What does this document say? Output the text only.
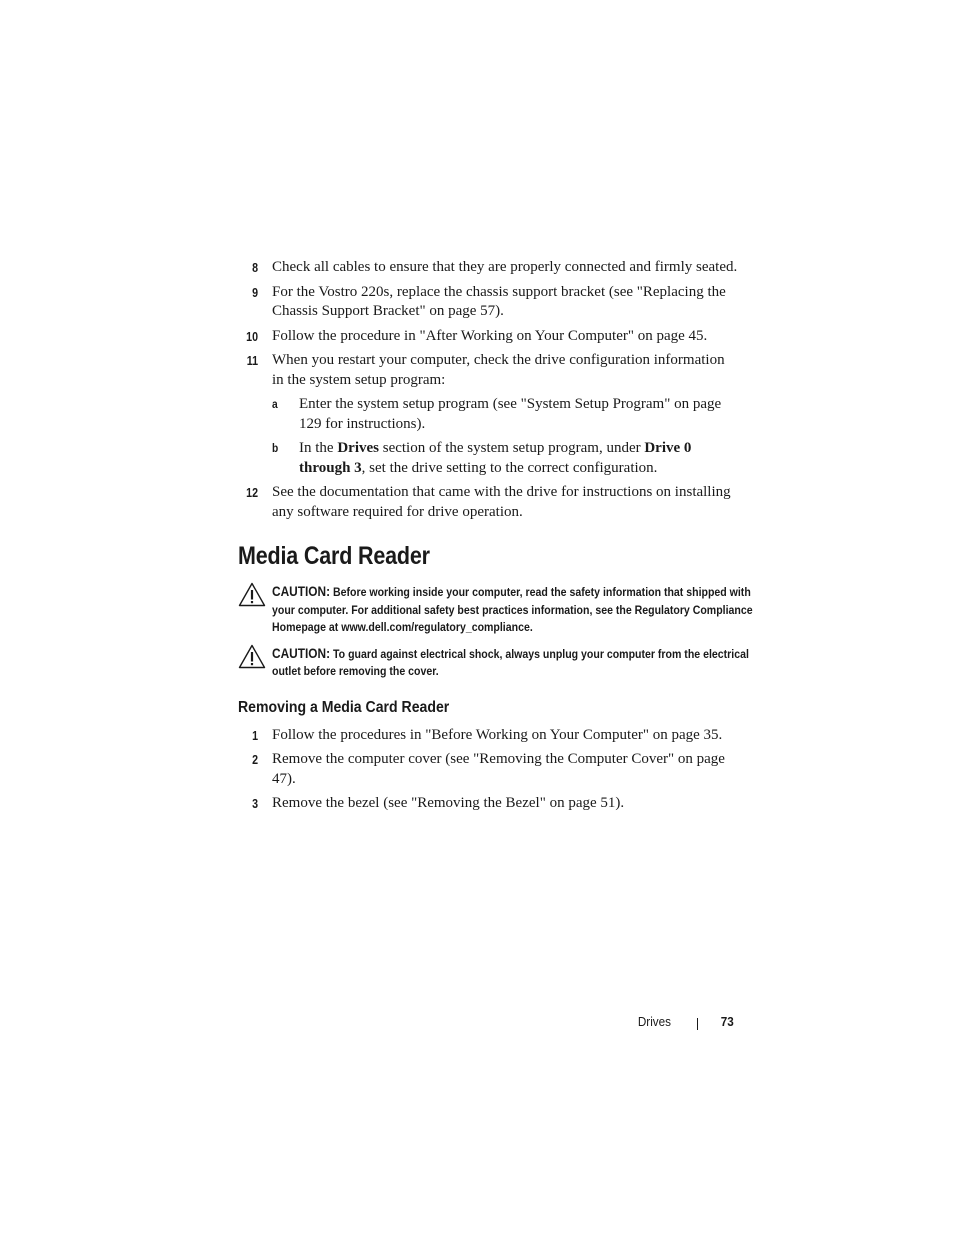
8 Check all cables to ensure that they are properly connected and firmly seated.
9 For the Vostro 220s, replace the chassis support bracket (see "Replacing the Chassis Support Bracket" on page 57).
10 Follow the procedure in "After Working on Your Computer" on page 45.
11 When you restart your computer, check the drive configuration information in the system setup program:
a Enter the system setup program (see "System Setup Program" on page 129 for instructions).
b In the Drives section of the system setup program, under Drive 0 through 3, set the drive setting to the correct configuration.
12 See the documentation that came with the drive for instructions on installing any software required for drive operation.
Media Card Reader
CAUTION: Before working inside your computer, read the safety information that shipped with your computer. For additional safety best practices information, see the Regulatory Compliance Homepage at www.dell.com/regulatory_compliance.
CAUTION: To guard against electrical shock, always unplug your computer from the electrical outlet before removing the cover.
Removing a Media Card Reader
1 Follow the procedures in "Before Working on Your Computer" on page 35.
2 Remove the computer cover (see "Removing the Computer Cover" on page 47).
3 Remove the bezel (see "Removing the Bezel" on page 51).
Drives	73
